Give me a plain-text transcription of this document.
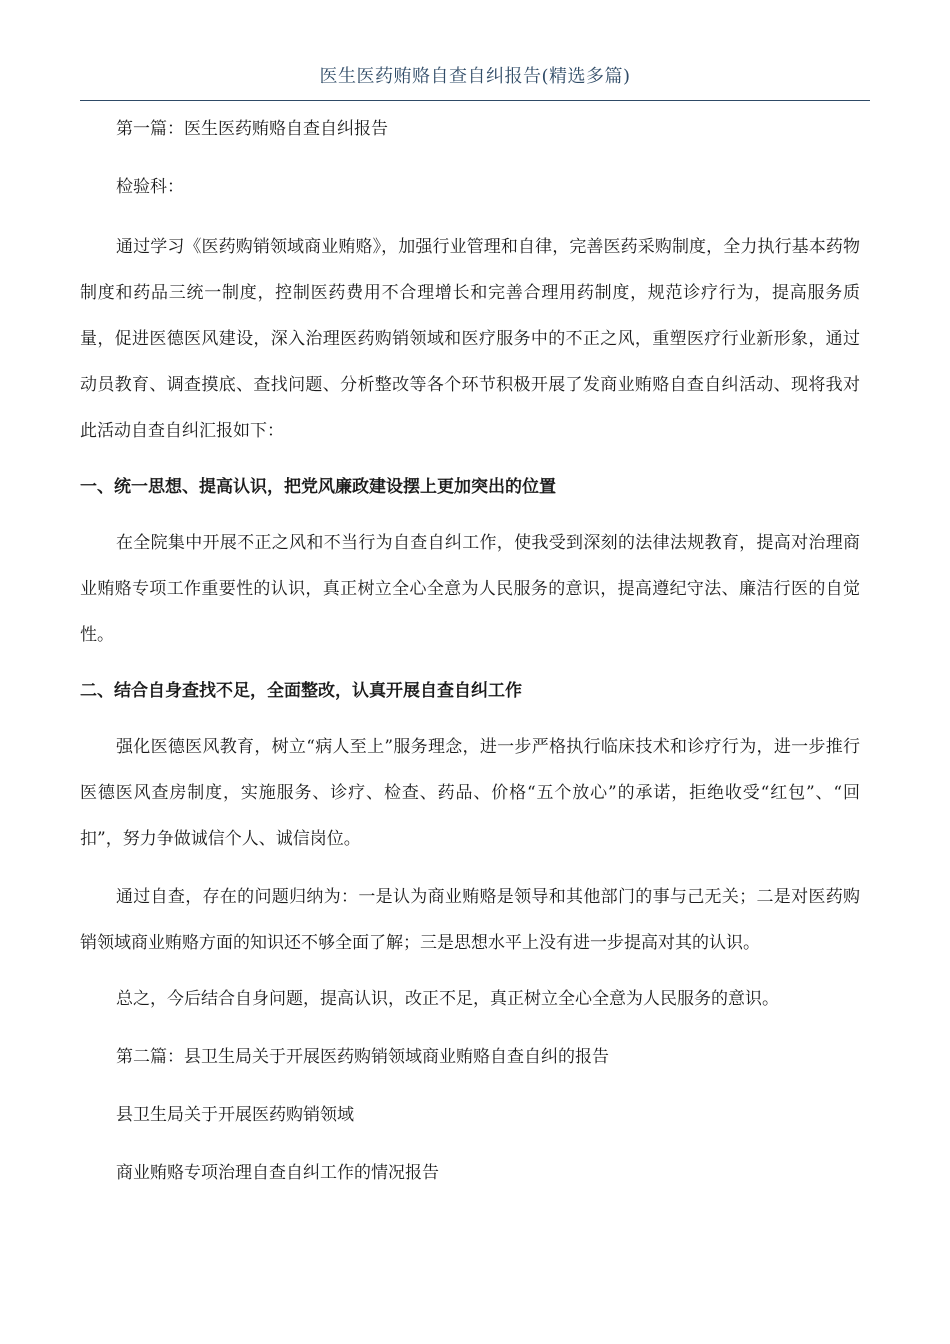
医生医药贿赂自查自纠报告(精选多篇)
第一篇：医生医药贿赂自查自纠报告
检验科：
通过学习《医药购销领域商业贿赂》，加强行业管理和自律，完善医药采购制度，全力执行基本药物制度和药品三统一制度，控制医药费用不合理增长和完善合理用药制度，规范诊疗行为，提高服务质量，促进医德医风建设，深入治理医药购销领域和医疗服务中的不正之风，重塑医疗行业新形象，通过动员教育、调查摸底、查找问题、分析整改等各个环节积极开展了发商业贿赂自查自纠活动、现将我对此活动自查自纠汇报如下：
一、统一思想、提高认识，把党风廉政建设摆上更加突出的位置
在全院集中开展不正之风和不当行为自查自纠工作，使我受到深刻的法律法规教育，提高对治理商业贿赂专项工作重要性的认识，真正树立全心全意为人民服务的意识，提高遵纪守法、廉洁行医的自觉性。
二、结合自身查找不足，全面整改，认真开展自查自纠工作
强化医德医风教育，树立“病人至上”服务理念，进一步严格执行临床技术和诊疗行为，进一步推行医德医风查房制度，实施服务、诊疗、检查、药品、价格“五个放心”的承诺，拒绝收受“红包”、“回扣”，努力争做诚信个人、诚信岗位。
通过自查，存在的问题归纳为：一是认为商业贿赂是领导和其他部门的事与己无关；二是对医药购销领域商业贿赂方面的知识还不够全面了解；三是思想水平上没有进一步提高对其的认识。
总之，今后结合自身问题，提高认识，改正不足，真正树立全心全意为人民服务的意识。
第二篇：县卫生局关于开展医药购销领域商业贿赂自查自纠的报告
县卫生局关于开展医药购销领域
商业贿赂专项治理自查自纠工作的情况报告
